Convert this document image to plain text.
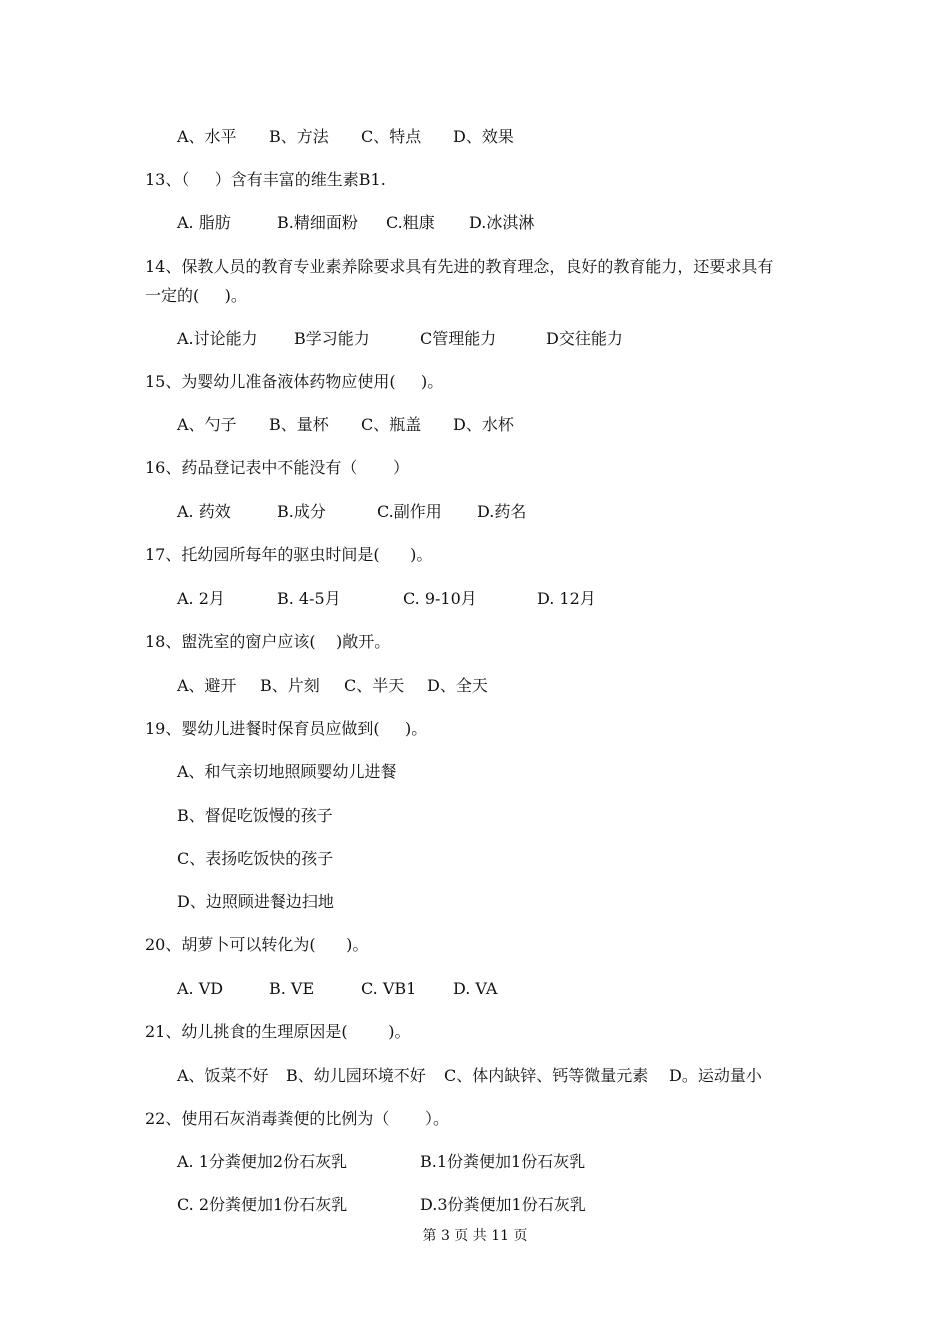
A、水平

B、方法

C、特点

D、效果

13、（     ）含有丰富的维生素B1.

A. 脂肪

	B.精细面粉

C.粗康

D.冰淇淋

14、保教人员的教育专业素养除要求具有先进的教育理念，良好的教育能力，还要求具有
一定的(     )。

A.讨论能力

B学习能力

	C管理能力

	D交往能力

15、为婴幼儿准备液体药物应使用(     )。

A、勺子

B、量杯

C、瓶盖

D、水杯

16、药品登记表中不能没有（       ）

A. 药效

	B.成分

	C.副作用

D.药名

17、托幼园所每年的驱虫时间是(      )。

A. 2月

	B. 4-5月

	C. 9-10月

	D. 12月

18、盥洗室的窗户应该(    )敞开。

A、避开

B、片刻

C、半天

D、全天

19、婴幼儿进餐时保育员应做到(     )。
A、和气亲切地照顾婴幼儿进餐
B、督促吃饭慢的孩子
C、表扬吃饭快的孩子
D、边照顾进餐边扫地
20、胡萝卜可以转化为(      )。

A. VD

	B. VE

	C. VB1

D. VA

21、幼儿挑食的生理原因是(        )。

A、饭菜不好

B、幼儿园环境不好

C、体内缺锌、钙等微量元素

D。运动量小

22、使用石灰消毒粪便的比例为（       ）。

A. 1分粪便加2份石灰乳

	B.1份粪便加1份石灰乳

C. 2份粪便加1份石灰乳

	D.3份粪便加1份石灰乳

第 3 页 共 11 页
